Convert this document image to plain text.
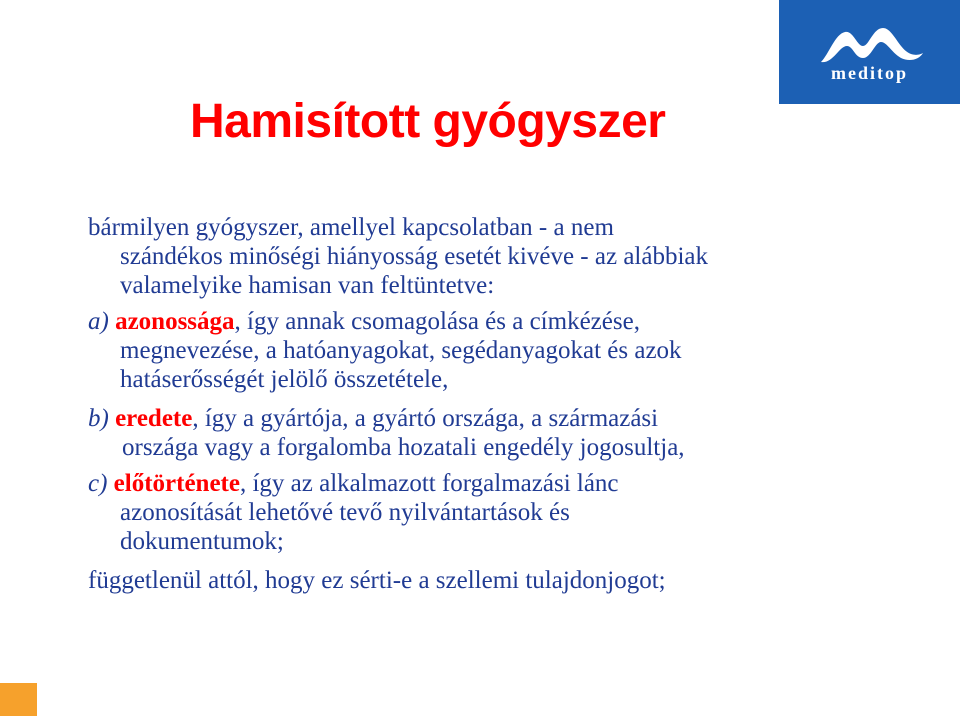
meditop
Hamisított gyógyszer
bármilyen gyógyszer, amellyel kapcsolatban - a nem
szándékos minőségi hiányosság esetét kivéve - az alábbiak
valamelyike hamisan van feltüntetve:
a) azonossága, így annak csomagolása és a címkézése,
megnevezése, a hatóanyagokat, segédanyagokat és azok
hatáserősségét jelölő összetétele,
b) eredete, így a gyártója, a gyártó országa, a származási
országa vagy a forgalomba hozatali engedély jogosultja,
c) előtörténete, így az alkalmazott forgalmazási lánc
azonosítását lehetővé tevő nyilvántartások és
dokumentumok;
függetlenül attól, hogy ez sérti-e a szellemi tulajdonjogot;
